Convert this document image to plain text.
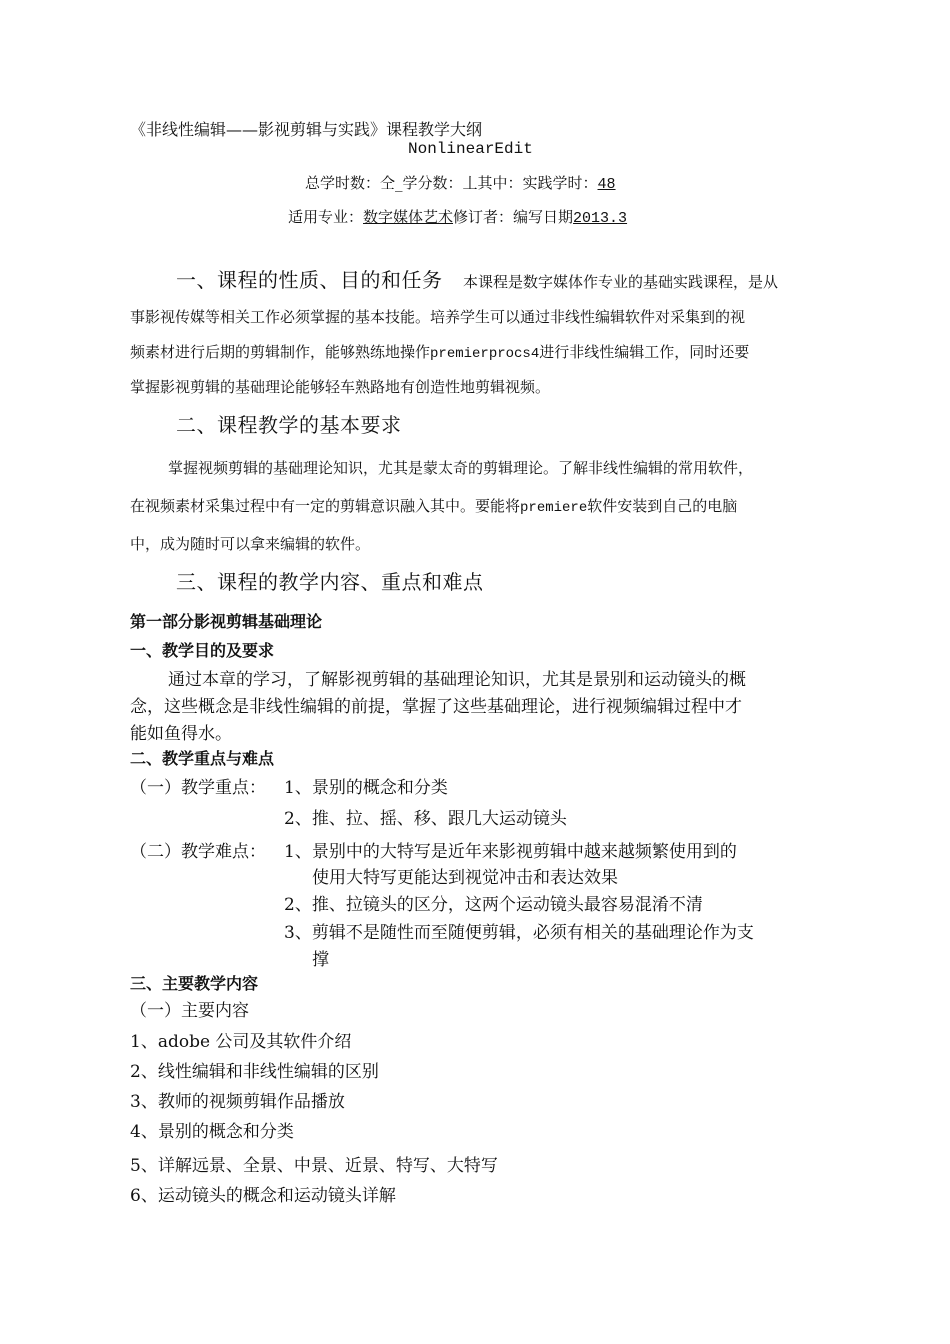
《非线性编辑——影视剪辑与实践》课程教学大纲
NonlinearEdit
总学时数：仝_学分数：丄其中：实践学时：48
适用专业：数字媒体艺术修订者：编写日期2013.3
一、课程的性质、目的和任务 本课程是数字媒体作专业的基础实践课程，是从
事影视传媒等相关工作必须掌握的基本技能。培养学生可以通过非线性编辑软件对采集到的视
频素材进行后期的剪辑制作，能够熟练地操作premierprocs4进行非线性编辑工作，同时还要
掌握影视剪辑的基础理论能够轻车熟路地有创造性地剪辑视频。
二、课程教学的基本要求
掌握视频剪辑的基础理论知识，尤其是蒙太奇的剪辑理论。了解非线性编辑的常用软件，
在视频素材采集过程中有一定的剪辑意识融入其中。要能将premiere软件安装到自己的电脑
中，成为随时可以拿来编辑的软件。
三、课程的教学内容、重点和难点
第一部分影视剪辑基础理论
一、教学目的及要求
通过本章的学习，了解影视剪辑的基础理论知识，尤其是景别和运动镜头的概
念，这些概念是非线性编辑的前提，掌握了这些基础理论，进行视频编辑过程中才
能如鱼得水。
二、教学重点与难点
（一）教学重点： 1、景别的概念和分类
2、推、拉、摇、移、跟几大运动镜头
（二）教学难点： 1、景别中的大特写是近年来影视剪辑中越来越频繁使用到的
使用大特写更能达到视觉冲击和表达效果
2、推、拉镜头的区分，这两个运动镜头最容易混淆不清
3、剪辑不是随性而至随便剪辑，必须有相关的基础理论作为支
撑
三、主要教学内容
（一）主要内容
1、adobe 公司及其软件介绍
2、线性编辑和非线性编辑的区别
3、教师的视频剪辑作品播放
4、景别的概念和分类
5、详解远景、全景、中景、近景、特写、大特写
6、运动镜头的概念和运动镜头详解
